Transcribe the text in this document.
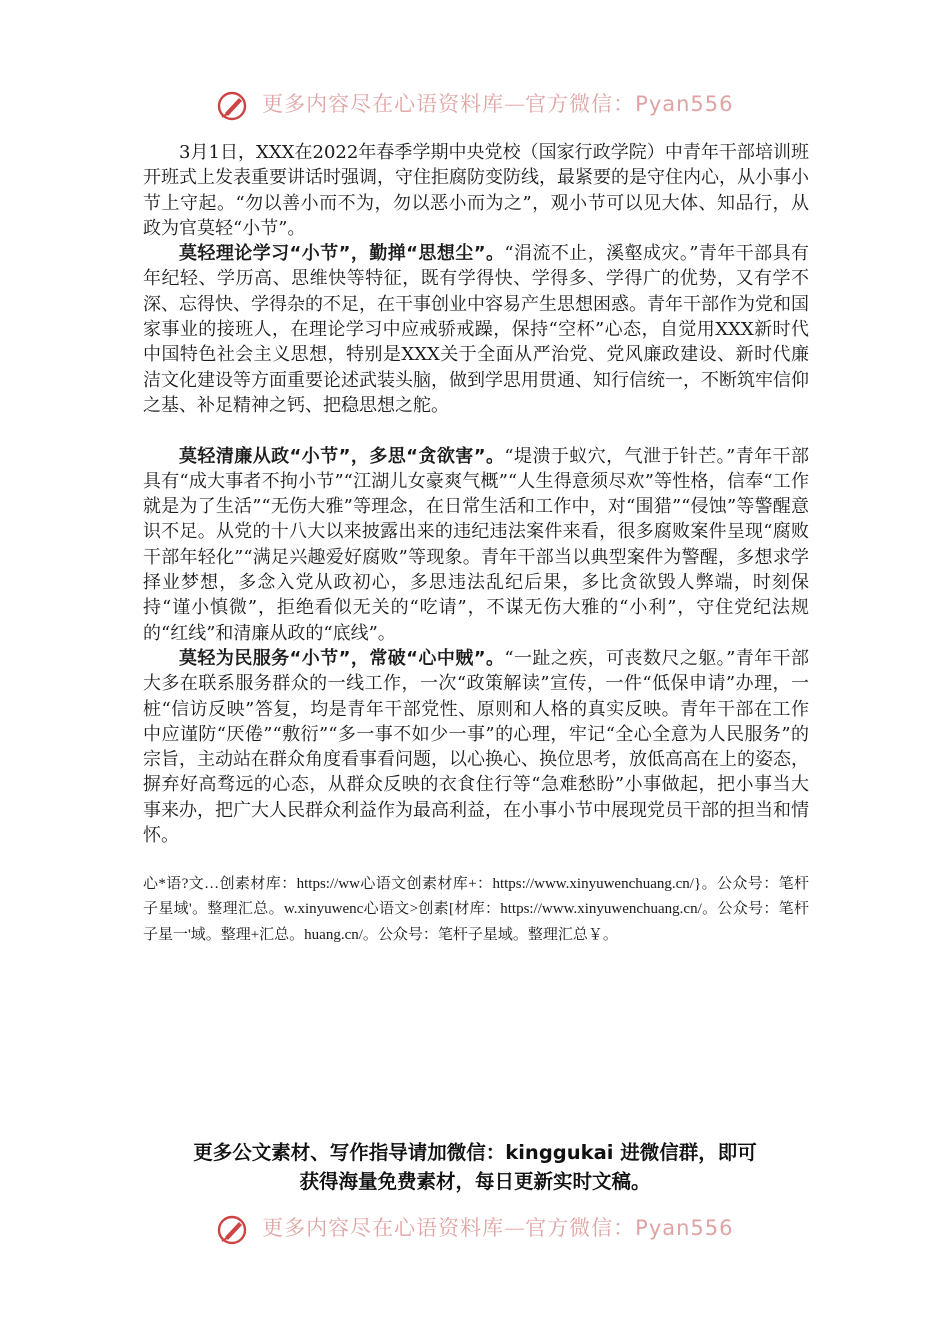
更多内容尽在心语资料库—官方微信：Pyan556

3月1日，XXX在2022年春季学期中央党校（国家行政学院）中青年干部培训班开班式上发表重要讲话时强调，守住拒腐防变防线，最紧要的是守住内心，从小事小节上守起。“勿以善小而不为，勿以恶小而为之”，观小节可以见大体、知品行，从政为官莫轻“小节”。

莫轻理论学习“小节”，勤掸“思想尘”。“涓流不止，溪壑成灾。”青年干部具有年纪轻、学历高、思维快等特征，既有学得快、学得多、学得广的优势，又有学不深、忘得快、学得杂的不足，在干事创业中容易产生思想困惑。青年干部作为党和国家事业的接班人，在理论学习中应戒骄戒躁，保持“空杯”心态，自觉用XXX新时代中国特色社会主义思想，特别是XXX关于全面从严治党、党风廉政建设、新时代廉洁文化建设等方面重要论述武装头脑，做到学思用贯通、知行信统一，不断筑牢信仰之基、补足精神之钙、把稳思想之舵。

莫轻清廉从政“小节”，多思“贪欲害”。“堤溃于蚁穴，气泄于针芒。”青年干部具有“成大事者不拘小节”“江湖儿女豪爽气概”“人生得意须尽欢”等性格，信奉“工作就是为了生活”“无伤大雅”等理念，在日常生活和工作中，对“围猎”“侵蚀”等警醒意识不足。从党的十八大以来披露出来的违纪违法案件来看，很多腐败案件呈现“腐败干部年轻化”“满足兴趣爱好腐败”等现象。青年干部当以典型案件为警醒，多想求学择业梦想，多念入党从政初心，多思违法乱纪后果，多比贪欲毁人弊端，时刻保持“谨小慎微”，拒绝看似无关的“吃请”，不谋无伤大雅的“小利”，守住党纪法规的“红线”和清廉从政的“底线”。

莫轻为民服务“小节”，常破“心中贼”。“一趾之疾，可丧数尺之躯。”青年干部大多在联系服务群众的一线工作，一次“政策解读”宣传，一件“低保申请”办理，一桩“信访反映”答复，均是青年干部党性、原则和人格的真实反映。青年干部在工作中应谨防“厌倦”“敷衍”“多一事不如少一事”的心理，牢记“全心全意为人民服务”的宗旨，主动站在群众角度看事看问题，以心换心、换位思考，放低高高在上的姿态，摒弃好高骛远的心态，从群众反映的衣食住行等“急难愁盼”小事做起，把小事当大事来办，把广大人民群众利益作为最高利益，在小事小节中展现党员干部的担当和情怀。

心*语?文…创素材库：https://ww心语文创素材库+：https://www.xinyuwenchuang.cn/}。公众号：笔杆子星域'。整理汇总。w.xinyuwenc心语文>创素[材库：https://www.xinyuwenchuang.cn/。公众号：笔杆子星一'域。整理+汇总。huang.cn/。公众号：笔杆子星域。整理汇总￥。
更多公文素材、写作指导请加微信：kinggukai 进微信群，即可
获得海量免费素材，每日更新实时文稿。
更多内容尽在心语资料库—官方微信：Pyan556
